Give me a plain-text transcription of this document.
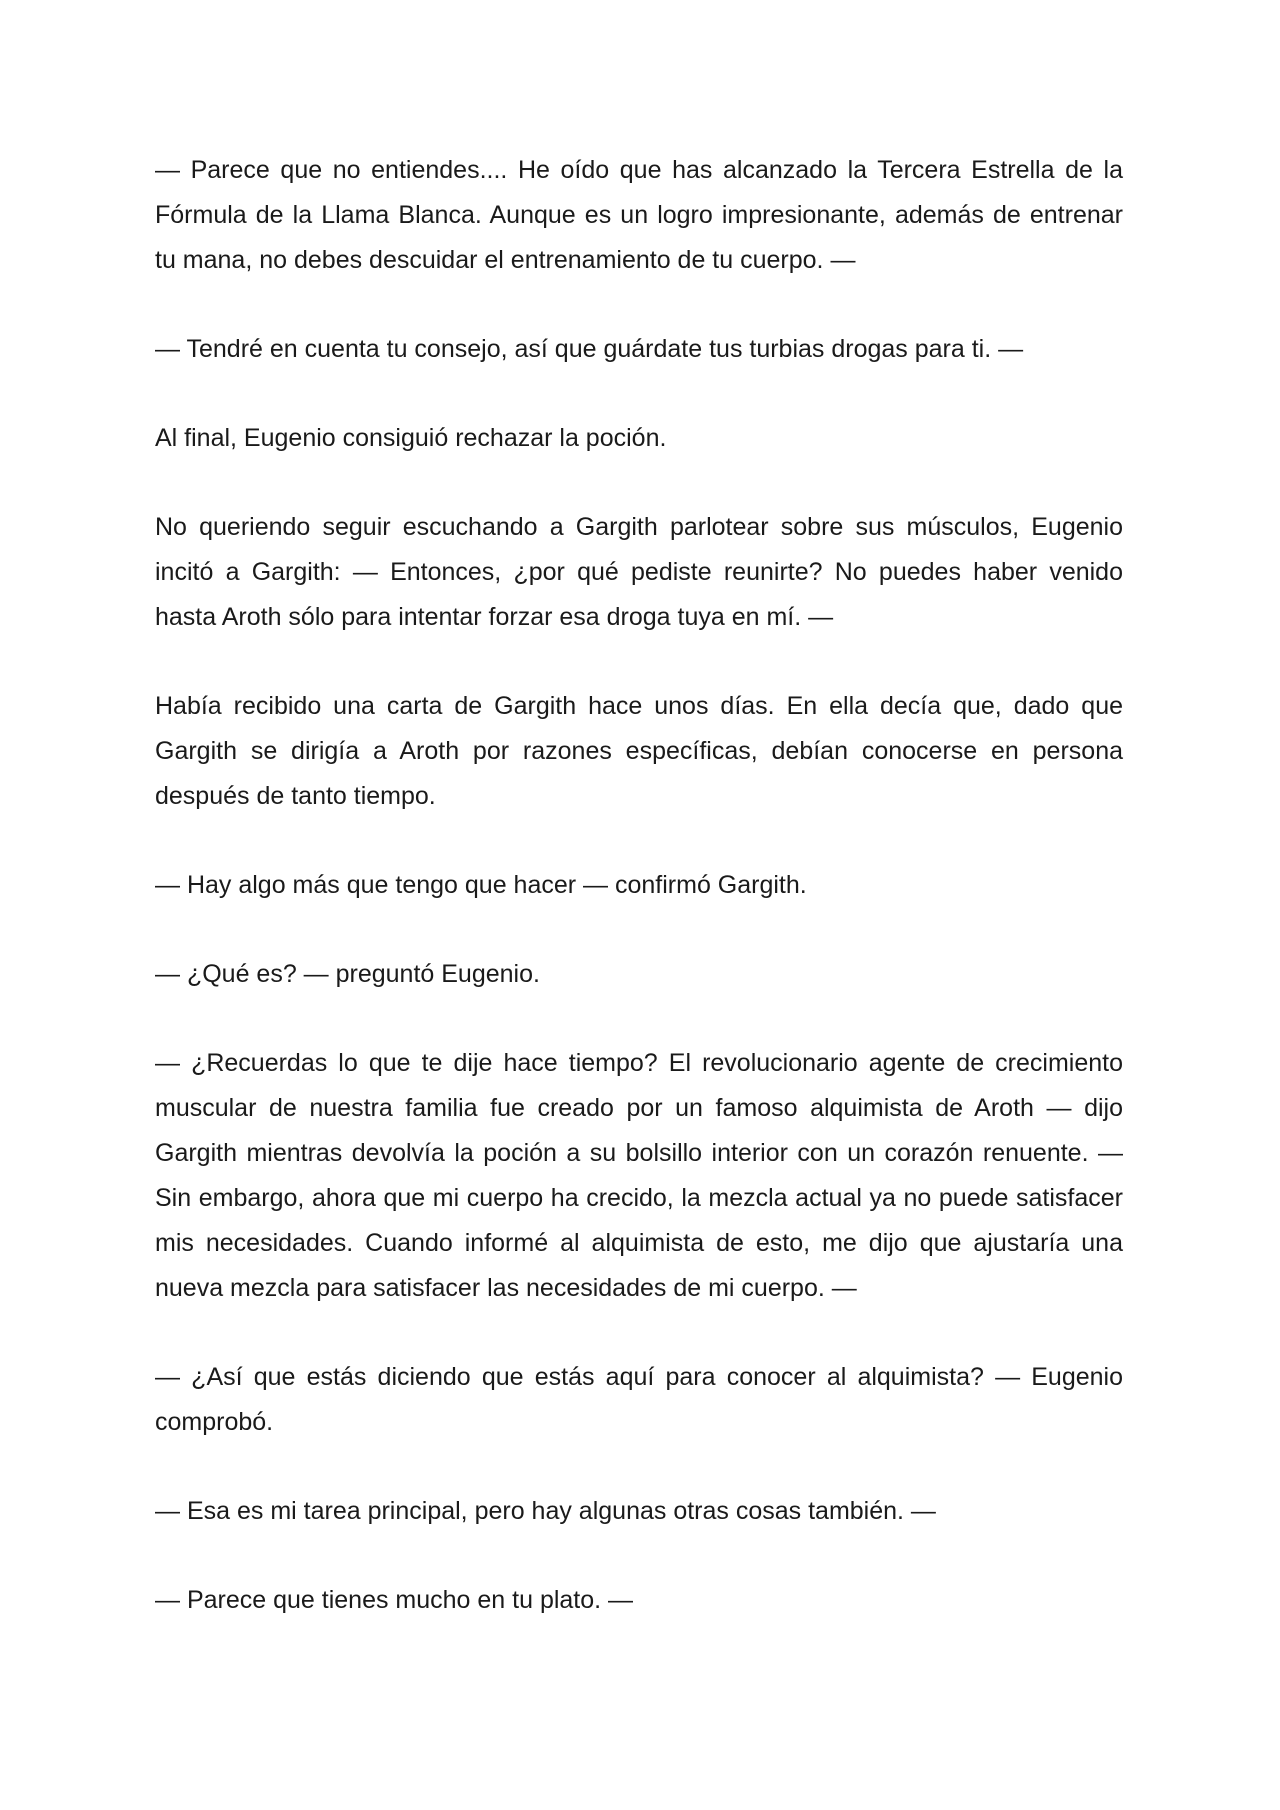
— Parece que no entiendes.... He oído que has alcanzado la Tercera Estrella de la Fórmula de la Llama Blanca. Aunque es un logro impresionante, además de entrenar tu mana, no debes descuidar el entrenamiento de tu cuerpo. —

— Tendré en cuenta tu consejo, así que guárdate tus turbias drogas para ti. —

Al final, Eugenio consiguió rechazar la poción.

No queriendo seguir escuchando a Gargith parlotear sobre sus músculos, Eugenio incitó a Gargith: — Entonces, ¿por qué pediste reunirte? No puedes haber venido hasta Aroth sólo para intentar forzar esa droga tuya en mí. —

Había recibido una carta de Gargith hace unos días. En ella decía que, dado que Gargith se dirigía a Aroth por razones específicas, debían conocerse en persona después de tanto tiempo.

— Hay algo más que tengo que hacer — confirmó Gargith.

— ¿Qué es? — preguntó Eugenio.

— ¿Recuerdas lo que te dije hace tiempo? El revolucionario agente de crecimiento muscular de nuestra familia fue creado por un famoso alquimista de Aroth — dijo Gargith mientras devolvía la poción a su bolsillo interior con un corazón renuente. — Sin embargo, ahora que mi cuerpo ha crecido, la mezcla actual ya no puede satisfacer mis necesidades. Cuando informé al alquimista de esto, me dijo que ajustaría una nueva mezcla para satisfacer las necesidades de mi cuerpo. —

— ¿Así que estás diciendo que estás aquí para conocer al alquimista? — Eugenio comprobó.

— Esa es mi tarea principal, pero hay algunas otras cosas también. —

— Parece que tienes mucho en tu plato. —
